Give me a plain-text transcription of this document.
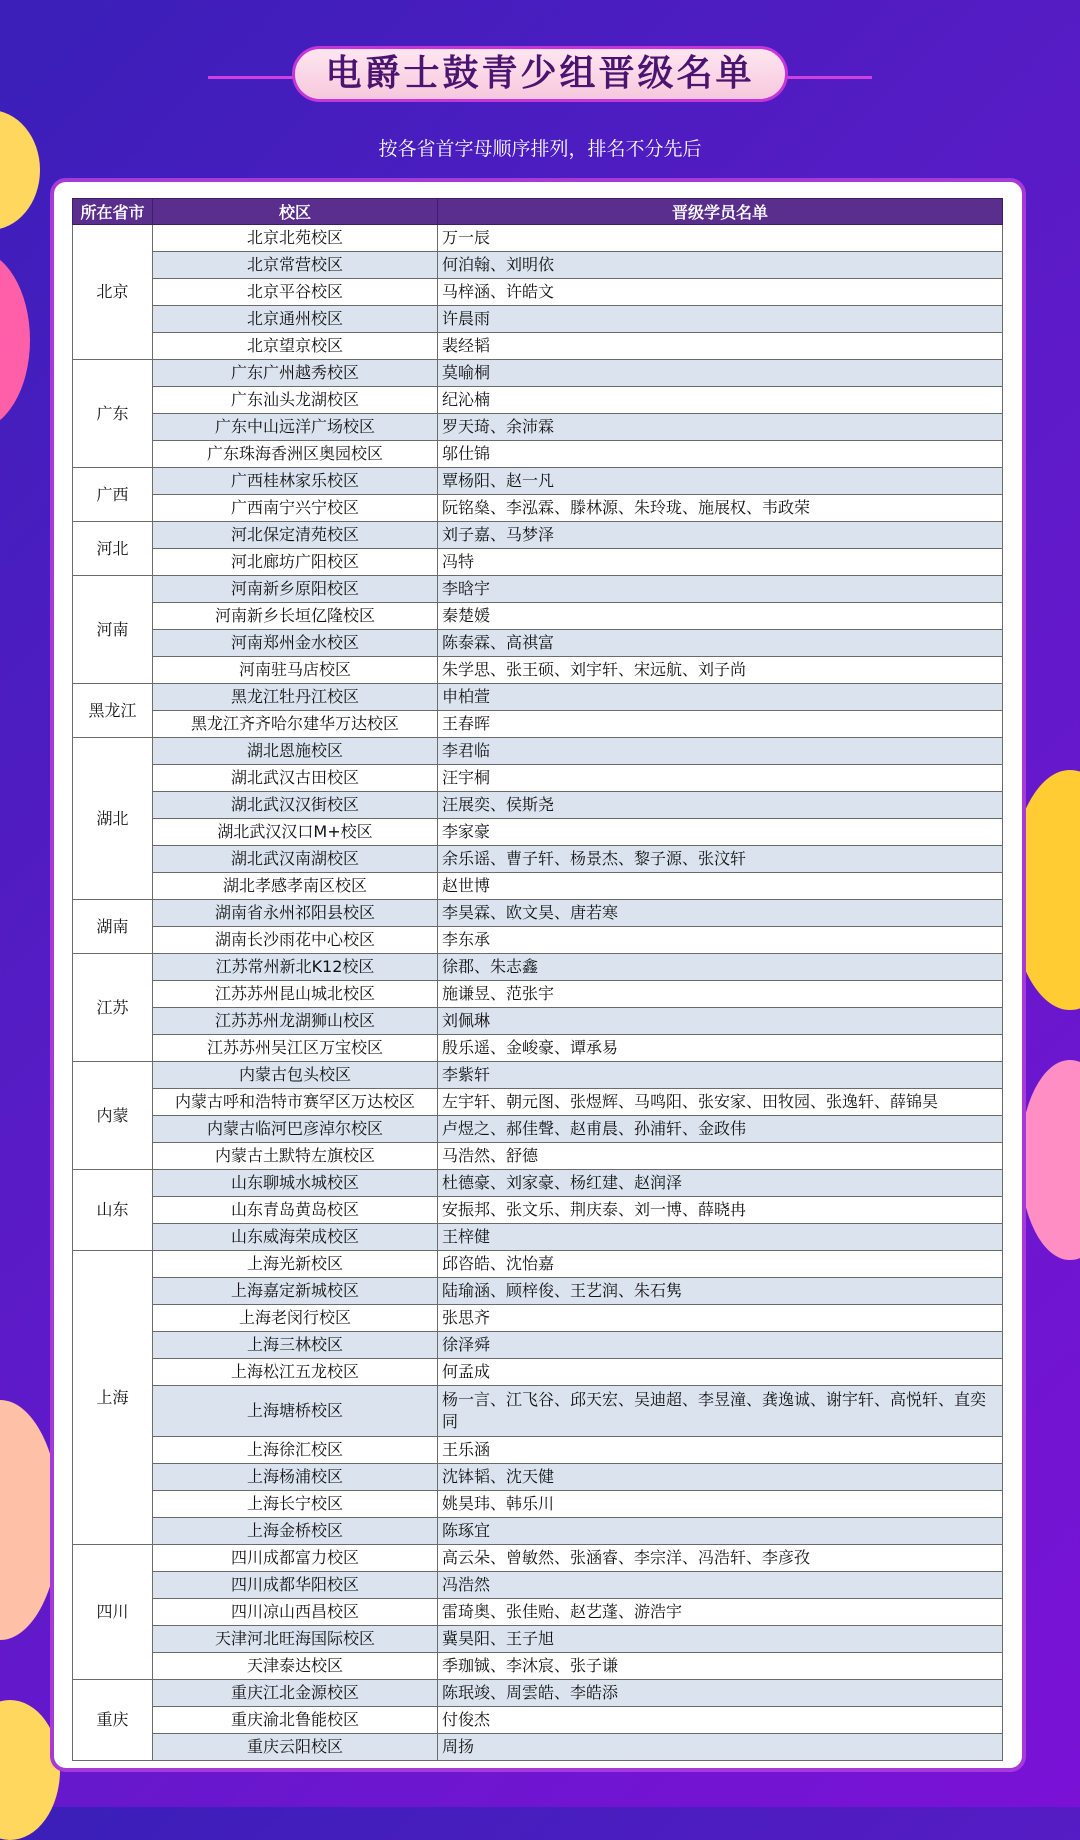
电爵士鼓青少组晋级名单
按各省首字母顺序排列，排名不分先后
所在省市	校区	晋级学员名单
北京	北京北苑校区	万一辰
	北京常营校区	何泊翰、刘明依
	北京平谷校区	马梓涵、许皓文
	北京通州校区	许晨雨
	北京望京校区	裴经韬
广东	广东广州越秀校区	莫喻桐
	广东汕头龙湖校区	纪沁楠
	广东中山远洋广场校区	罗天琦、余沛霖
	广东珠海香洲区奥园校区	邬仕锦
广西	广西桂林家乐校区	覃杨阳、赵一凡
	广西南宁兴宁校区	阮铭燊、李泓霖、滕林源、朱玲珑、施展权、韦政荣
河北	河北保定清苑校区	刘子嘉、马梦泽
	河北廊坊广阳校区	冯特
河南	河南新乡原阳校区	李晗宇
	河南新乡长垣亿隆校区	秦楚媛
	河南郑州金水校区	陈泰霖、高祺富
	河南驻马店校区	朱学思、张王硕、刘宇轩、宋远航、刘子尚
黑龙江	黑龙江牡丹江校区	申柏萱
	黑龙江齐齐哈尔建华万达校区	王春晖
湖北	湖北恩施校区	李君临
	湖北武汉古田校区	汪宇桐
	湖北武汉汉街校区	汪展奕、侯斯尧
	湖北武汉汉口M+校区	李家豪
	湖北武汉南湖校区	余乐谣、曹子轩、杨景杰、黎子源、张汶轩
	湖北孝感孝南区校区	赵世博
湖南	湖南省永州祁阳县校区	李昊霖、欧文昊、唐若寒
	湖南长沙雨花中心校区	李东承
江苏	江苏常州新北K12校区	徐郡、朱志鑫
	江苏苏州昆山城北校区	施谦昱、范张宇
	江苏苏州龙湖狮山校区	刘佩琳
	江苏苏州吴江区万宝校区	殷乐遥、金峻豪、谭承易
内蒙	内蒙古包头校区	李紫轩
	内蒙古呼和浩特市赛罕区万达校区	左宇轩、朝元图、张煜辉、马鸣阳、张安家、田牧园、张逸轩、薛锦昊
	内蒙古临河巴彦淖尔校区	卢煜之、郝佳聲、赵甫晨、孙浦轩、金政伟
	内蒙古土默特左旗校区	马浩然、舒德
山东	山东聊城水城校区	杜德豪、刘家豪、杨红建、赵润泽
	山东青岛黄岛校区	安振邦、张文乐、荆庆泰、刘一博、薛晓冉
	山东威海荣成校区	王梓健
上海	上海光新校区	邱咨皓、沈怡嘉
	上海嘉定新城校区	陆瑜涵、顾梓俊、王艺润、朱石隽
	上海老闵行校区	张思齐
	上海三林校区	徐泽舜
	上海松江五龙校区	何孟成
	上海塘桥校区	杨一言、江飞谷、邱天宏、吴迪超、李昱潼、龚逸诚、谢宇轩、高悦轩、直奕同
	上海徐汇校区	王乐涵
	上海杨浦校区	沈钵韬、沈天健
	上海长宁校区	姚昊玮、韩乐川
	上海金桥校区	陈琢宜
四川	四川成都富力校区	高云朵、曾敏然、张涵睿、李宗洋、冯浩轩、李彦孜
	四川成都华阳校区	冯浩然
	四川凉山西昌校区	雷琦奥、张佳贻、赵艺蓬、游浩宇
	天津河北旺海国际校区	冀昊阳、王子旭
	天津泰达校区	季珈铖、李沐宸、张子谦
重庆	重庆江北金源校区	陈珉竣、周雲皓、李皓添
	重庆渝北鲁能校区	付俊杰
	重庆云阳校区	周扬
